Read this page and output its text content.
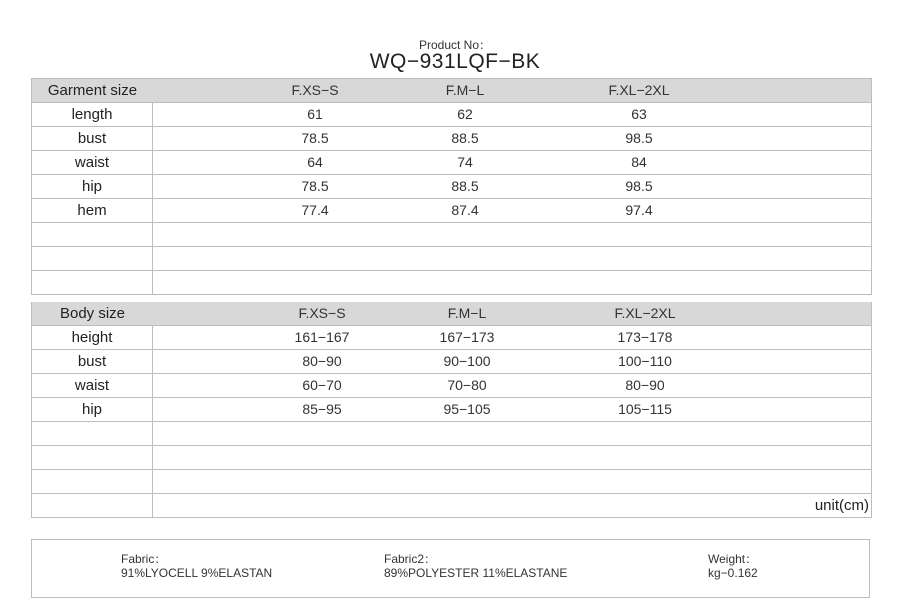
Product No：
WQ−931LQF−BK
Garment size	F.XS−S	F.M−L	F.XL−2XL
length	61	62	63
bust	78.5	88.5	98.5
waist	64	74	84
hip	78.5	88.5	98.5
hem	77.4	87.4	97.4
Body size	F.XS−S	F.M−L	F.XL−2XL
height	161−167	167−173	173−178
bust	80−90	90−100	100−110
waist	60−70	70−80	80−90
hip	85−95	95−105	105−115
unit(cm)
Fabric：
91%LYOCELL 9%ELASTAN
Fabric2：
89%POLYESTER 11%ELASTANE
Weight：
kg−0.162
